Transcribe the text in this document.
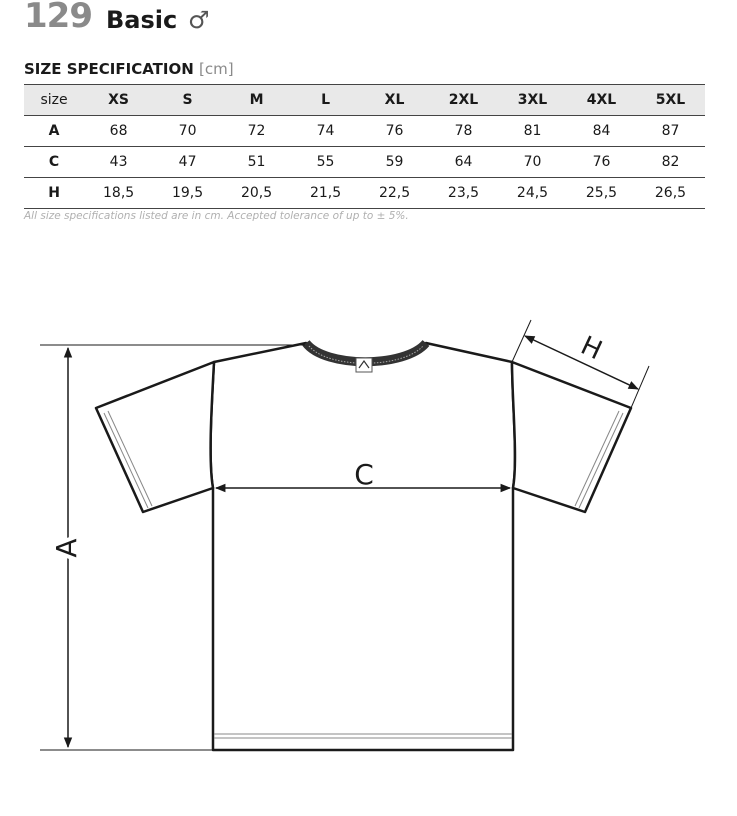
129 Basic ♂
SIZE SPECIFICATION [cm]
size	XS	S	M	L	XL	2XL	3XL	4XL	5XL
A	68	70	72	74	76	78	81	84	87
C	43	47	51	55	59	64	70	76	82
H	18,5	19,5	20,5	21,5	22,5	23,5	24,5	25,5	26,5
All size specifications listed are in cm. Accepted tolerance of up to ± 5%.
A
C
H
